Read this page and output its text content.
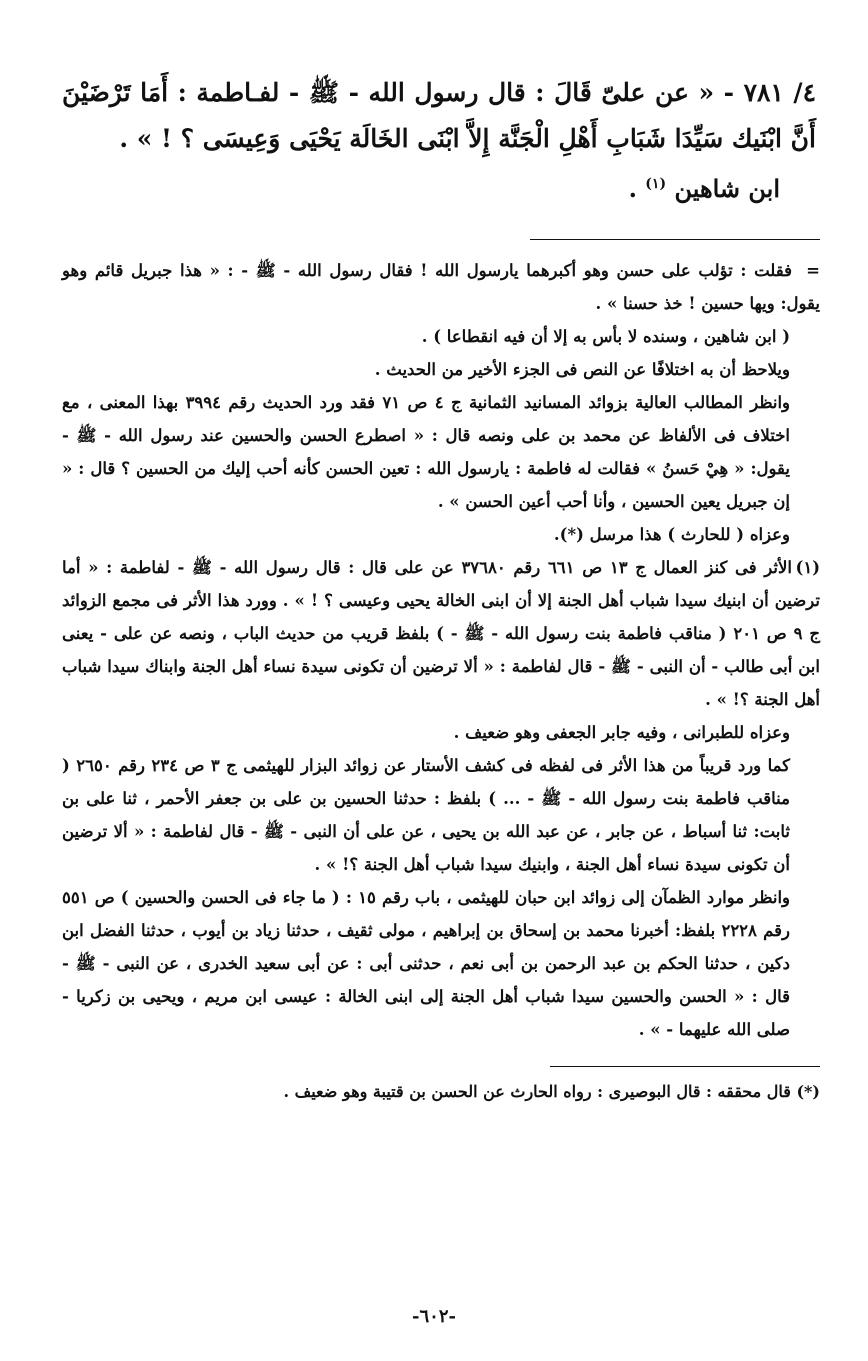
٤/ ٧٨١ - « عن علىّ قَالَ : قال رسول الله - ﷺ - لفـاطمة : أَمَا تَرْضَيْنَ أَنَّ ابْنَيك سَيِّدَا شَبَابِ أَهْلِ الْجَنَّة إِلاَّ ابْنَى الخَالَة يَحْيَى وَعِيسَى ؟ ! » .

ابن شاهين $^{(١)}$ .

=فقلت : تؤلب على حسن وهو أكبرهما يارسول الله ! فقال رسول الله - ﷺ - : « هذا جبريل قائم وهو يقول: ويها حسين ! خذ حسنا » .

( ابن شاهين ، وسنده لا بأس به إلا أن فيه انقطاعا ) .

ويلاحظ أن به اختلافًا عن النص فى الجزء الأخير من الحديث .

وانظر المطالب العالية بزوائد المسانيد الثمانية ج ٤ ص ٧١ فقد ورد الحديث رقم ٣٩٩٤ بهذا المعنى ، مع اختلاف فى الألفاظ عن محمد بن على ونصه قال : « اصطرع الحسن والحسين عند رسول الله - ﷺ - يقول: « هِيْ حَسنُ » فقالت له فاطمة : يارسول الله : تعين الحسن كأنه أحب إليك من الحسين ؟ قال : « إن جبريل يعين الحسين ، وأنا أحب أعين الحسن » .

وعزاه ( للحارث ) هذا مرسل (*).

(١)الأثر فى كنز العمال ج ١٣ ص ٦٦١ رقم ٣٧٦٨٠ عن على قال : قال رسول الله - ﷺ - لفاطمة : « أما ترضين أن ابنيك سيدا شباب أهل الجنة إلا أن ابنى الخالة يحيى وعيسى ؟ ! » . وورد هذا الأثر فى مجمع الزوائد ج ٩ ص ٢٠١ ( مناقب فاطمة بنت رسول الله - ﷺ - ) بلفظ قريب من حديث الباب ، ونصه عن على - يعنى ابن أبى طالب - أن النبى - ﷺ - قال لفاطمة : « ألا ترضين أن تكونى سيدة نساء أهل الجنة وابناك سيدا شباب أهل الجنة ؟! » .

وعزاه للطبرانى ، وفيه جابر الجعفى وهو ضعيف .

كما ورد قريباً من هذا الأثر فى لفظه فى كشف الأستار عن زوائد البزار للهيثمى ج ٣ ص ٢٣٤ رقم ٢٦٥٠ ( مناقب فاطمة بنت رسول الله - ﷺ - ... ) بلفظ : حدثنا الحسين بن على بن جعفر الأحمر ، ثنا على بن ثابت: ثنا أسباط ، عن جابر ، عن عبد الله بن يحيى ، عن على أن النبى - ﷺ - قال لفاطمة : « ألا ترضين أن تكونى سيدة نساء أهل الجنة ، وابنيك سيدا شباب أهل الجنة ؟! » .

وانظر موارد الظمآن إلى زوائد ابن حبان للهيثمى ، باب رقم ١٥ : ( ما جاء فى الحسن والحسين ) ص ٥٥١ رقم ٢٢٢٨ بلفظ: أخبرنا محمد بن إسحاق بن إبراهيم ، مولى ثقيف ، حدثنا زياد بن أيوب ، حدثنا الفضل ابن دكين ، حدثنا الحكم بن عبد الرحمن بن أبى نعم ، حدثنى أبى : عن أبى سعيد الخدرى ، عن النبى - ﷺ - قال : « الحسن والحسين سيدا شباب أهل الجنة إلى ابنى الخالة : عيسى ابن مريم ، ويحيى بن زكريا - صلى الله عليهما - » .

(*) قال محققه : قال البوصيرى : رواه الحارث عن الحسن بن قتيبة وهو ضعيف .

-٦٠٢-
